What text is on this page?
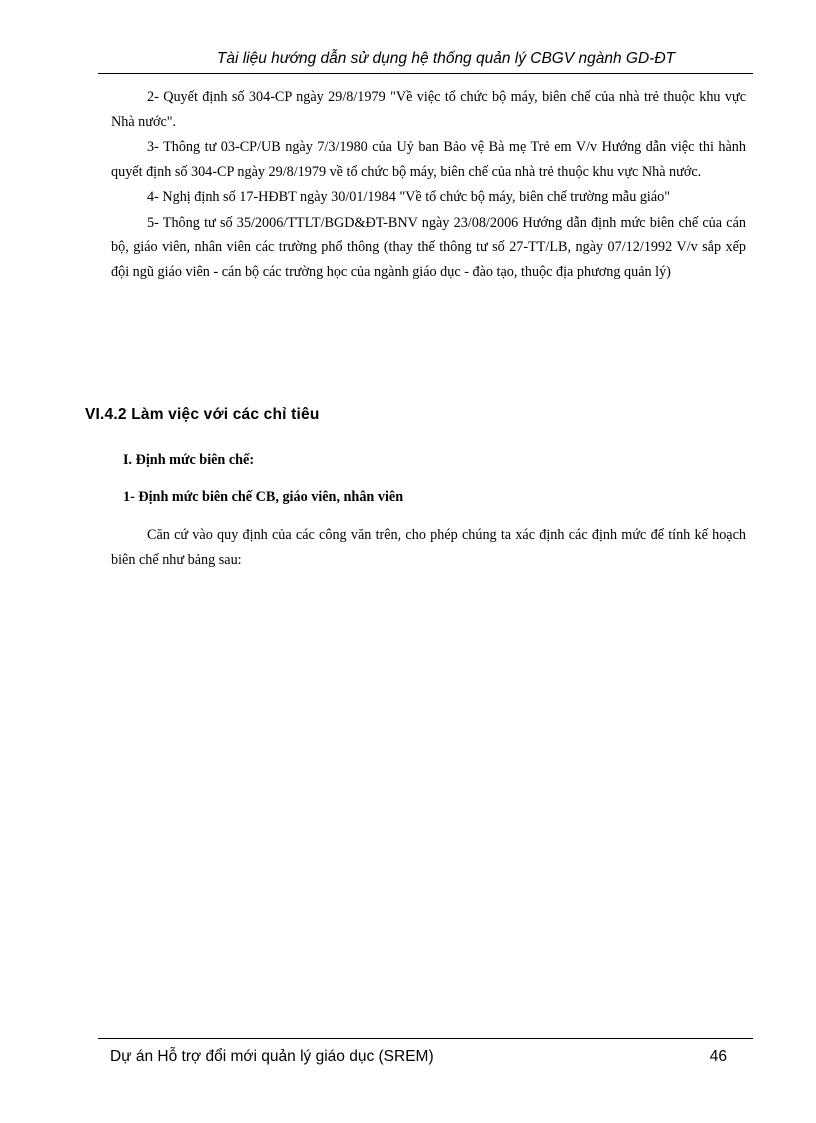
Tài liệu hướng dẫn sử dụng hệ thống quản lý CBGV ngành GD-ĐT

2- Quyết định số 304-CP ngày 29/8/1979 "Về việc tổ chức bộ máy, biên chế của nhà trẻ thuộc khu vực Nhà nước".

3- Thông tư 03-CP/UB ngày 7/3/1980 của Uỷ ban Bảo vệ Bà mẹ Trẻ em V/v Hướng dẫn việc thi hành quyết định số 304-CP ngày 29/8/1979 về tổ chức bộ máy, biên chế của nhà trẻ thuộc khu vực Nhà nước.

4- Nghị định số 17-HĐBT ngày 30/01/1984 "Về tổ chức bộ máy, biên chế trường mẫu giáo"

5- Thông tư số 35/2006/TTLT/BGD&ĐT-BNV ngày 23/08/2006 Hướng dẫn định mức biên chế của cán bộ, giáo viên, nhân viên các trường phổ thông (thay thế thông tư số 27-TT/LB, ngày 07/12/1992 V/v sắp xếp đội ngũ giáo viên - cán bộ các trường học của ngành giáo dục - đào tạo, thuộc địa phương quản lý)

VI.4.2 Làm việc với các chỉ tiêu

I. Định mức biên chế:

1- Định mức biên chế CB, giáo viên, nhân viên

Căn cứ vào quy định của các công văn trên, cho phép chúng ta xác định các định mức để tính kế hoạch biên chế như bảng sau:

Dự án Hỗ trợ đổi mới quản lý giáo dục (SREM)	46
